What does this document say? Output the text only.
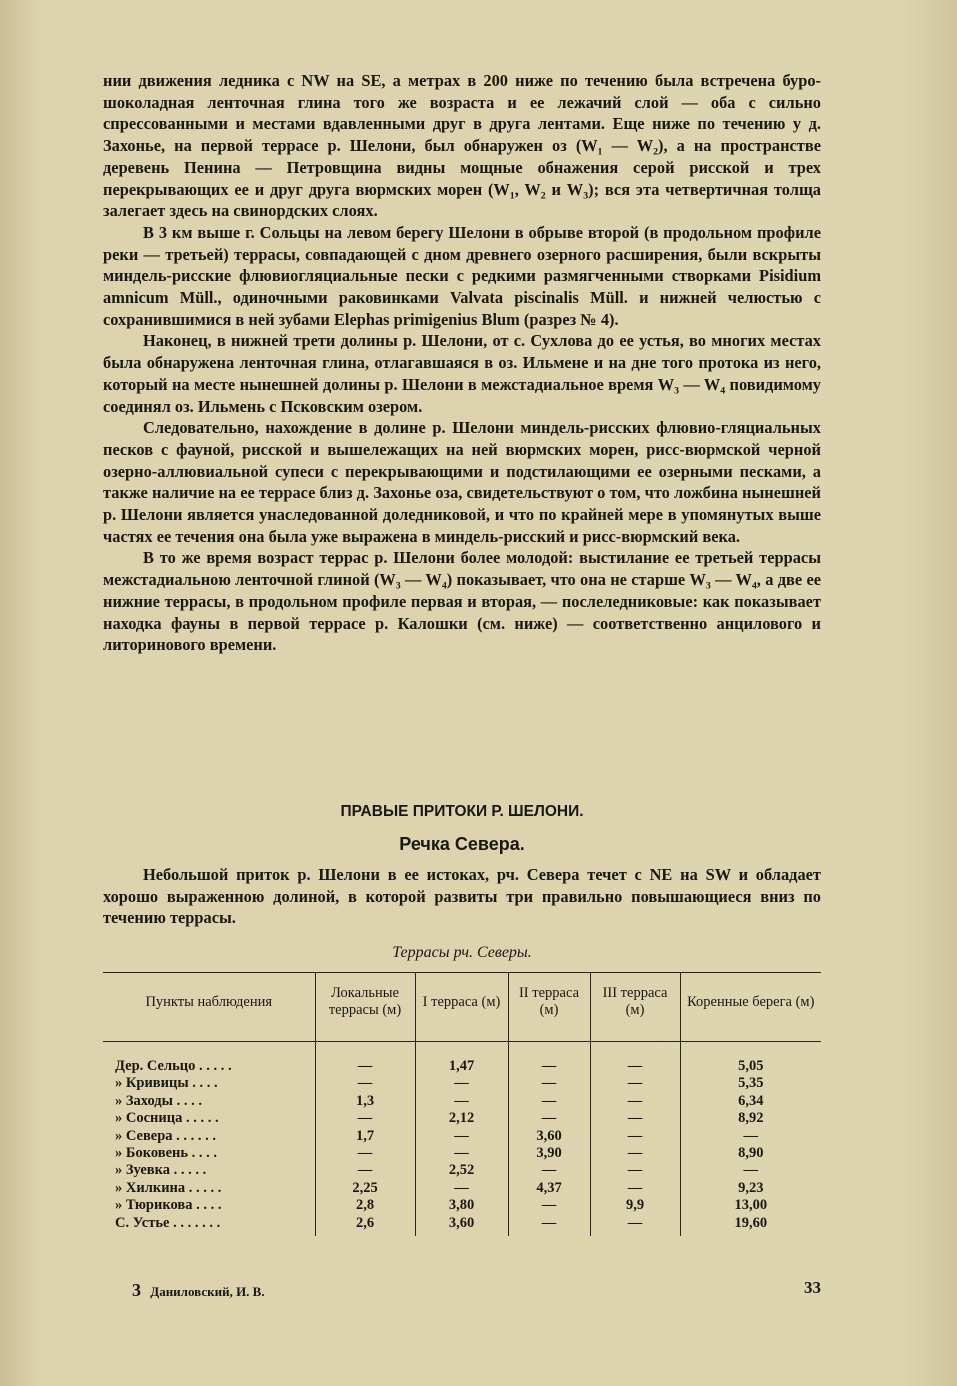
нии движения ледника с NW на SE, а метрах в 200 ниже по течению была встречена буро-шоколадная ленточная глина того же возраста и ее лежачий слой — оба с сильно спрессованными и местами вдавленными друг в друга лентами. Еще ниже по течению у д. Захонье, на первой террасе р. Шелони, был обнаружен оз (W₁ — W₂), а на пространстве деревень Пенина — Петровщина видны мощные обнажения серой рисской и трех перекрывающих ее и друг друга вюрмских морен (W₁, W₂ и W₃); вся эта четвертичная толща залегает здесь на свинордских слоях.

В 3 км выше г. Сольцы на левом берегу Шелони в обрыве второй (в продольном профиле реки — третьей) террасы, совпадающей с дном древнего озерного расширения, были вскрыты миндель-рисские флювиогляциальные пески с редкими размягченными створками Pisidium amnicum Müll., одиночными раковинками Valvata piscinalis Müll. и нижней челюстью с сохранившимися в ней зубами Elephas primigenius Blum (разрез № 4).

Наконец, в нижней трети долины р. Шелони, от с. Сухлова до ее устья, во многих местах была обнаружена ленточная глина, отлагавшаяся в оз. Ильмене и на дне того протока из него, который на месте нынешней долины р. Шелони в межстадиальное время W₃ — W₄ повидимому соединял оз. Ильмень с Псковским озером.

Следовательно, нахождение в долине р. Шелони миндель-рисских флювио-гляциальных песков с фауной, рисской и вышележащих на ней вюрмских морен, рисс-вюрмской черной озерно-аллювиальной супеси с перекрывающими и подстилающими ее озерными песками, а также наличие на ее террасе близ д. Захонье оза, свидетельствуют о том, что ложбина нынешней р. Шелони является унаследованной доледниковой, и что по крайней мере в упомянутых выше частях ее течения она была уже выражена в миндель-рисский и рисс-вюрмский века.

В то же время возраст террас р. Шелони более молодой: выстилание ее третьей террасы межстадиальною ленточной глиной (W₃ — W₄) показывает, что она не старше W₃ — W₄, а две ее нижние террасы, в продольном профиле первая и вторая, — послеледниковые: как показывает находка фауны в первой террасе р. Калошки (см. ниже) — соответственно анцилового и литоринового времени.

ПРАВЫЕ ПРИТОКИ Р. ШЕЛОНИ.
Речка Севера.

Небольшой приток р. Шелони в ее истоках, рч. Севера течет с NE на SW и обладает хорошо выраженною долиной, в которой развиты три правильно повышающиеся вниз по течению террасы.

Террасы рч. Северы.
Пункты наблюдения	Локальные террасы (м)	I терраса (м)	II терраса (м)	III терраса (м)	Коренные берега (м)

Дер. Сельцо . . . . .	—	1,47	—	—	5,05
» Кривицы . . . .	—	—	—	—	5,35
» Заходы . . . .	1,3	—	—	—	6,34
» Сосница . . . . .	—	2,12	—	—	8,92
» Севера . . . . . .	1,7	—	3,60	—	—
» Боковень . . . .	—	—	3,90	—	8,90
» Зуевка . . . . .	—	2,52	—	—	—
» Хилкина . . . . .	2,25	—	4,37	—	9,23
» Тюрикова . . . .	2,8	3,80	—	9,9	13,00
С. Устье . . . . . . .	2,6	3,60	—	—	19,60
3 Даниловский, И. В.	33
